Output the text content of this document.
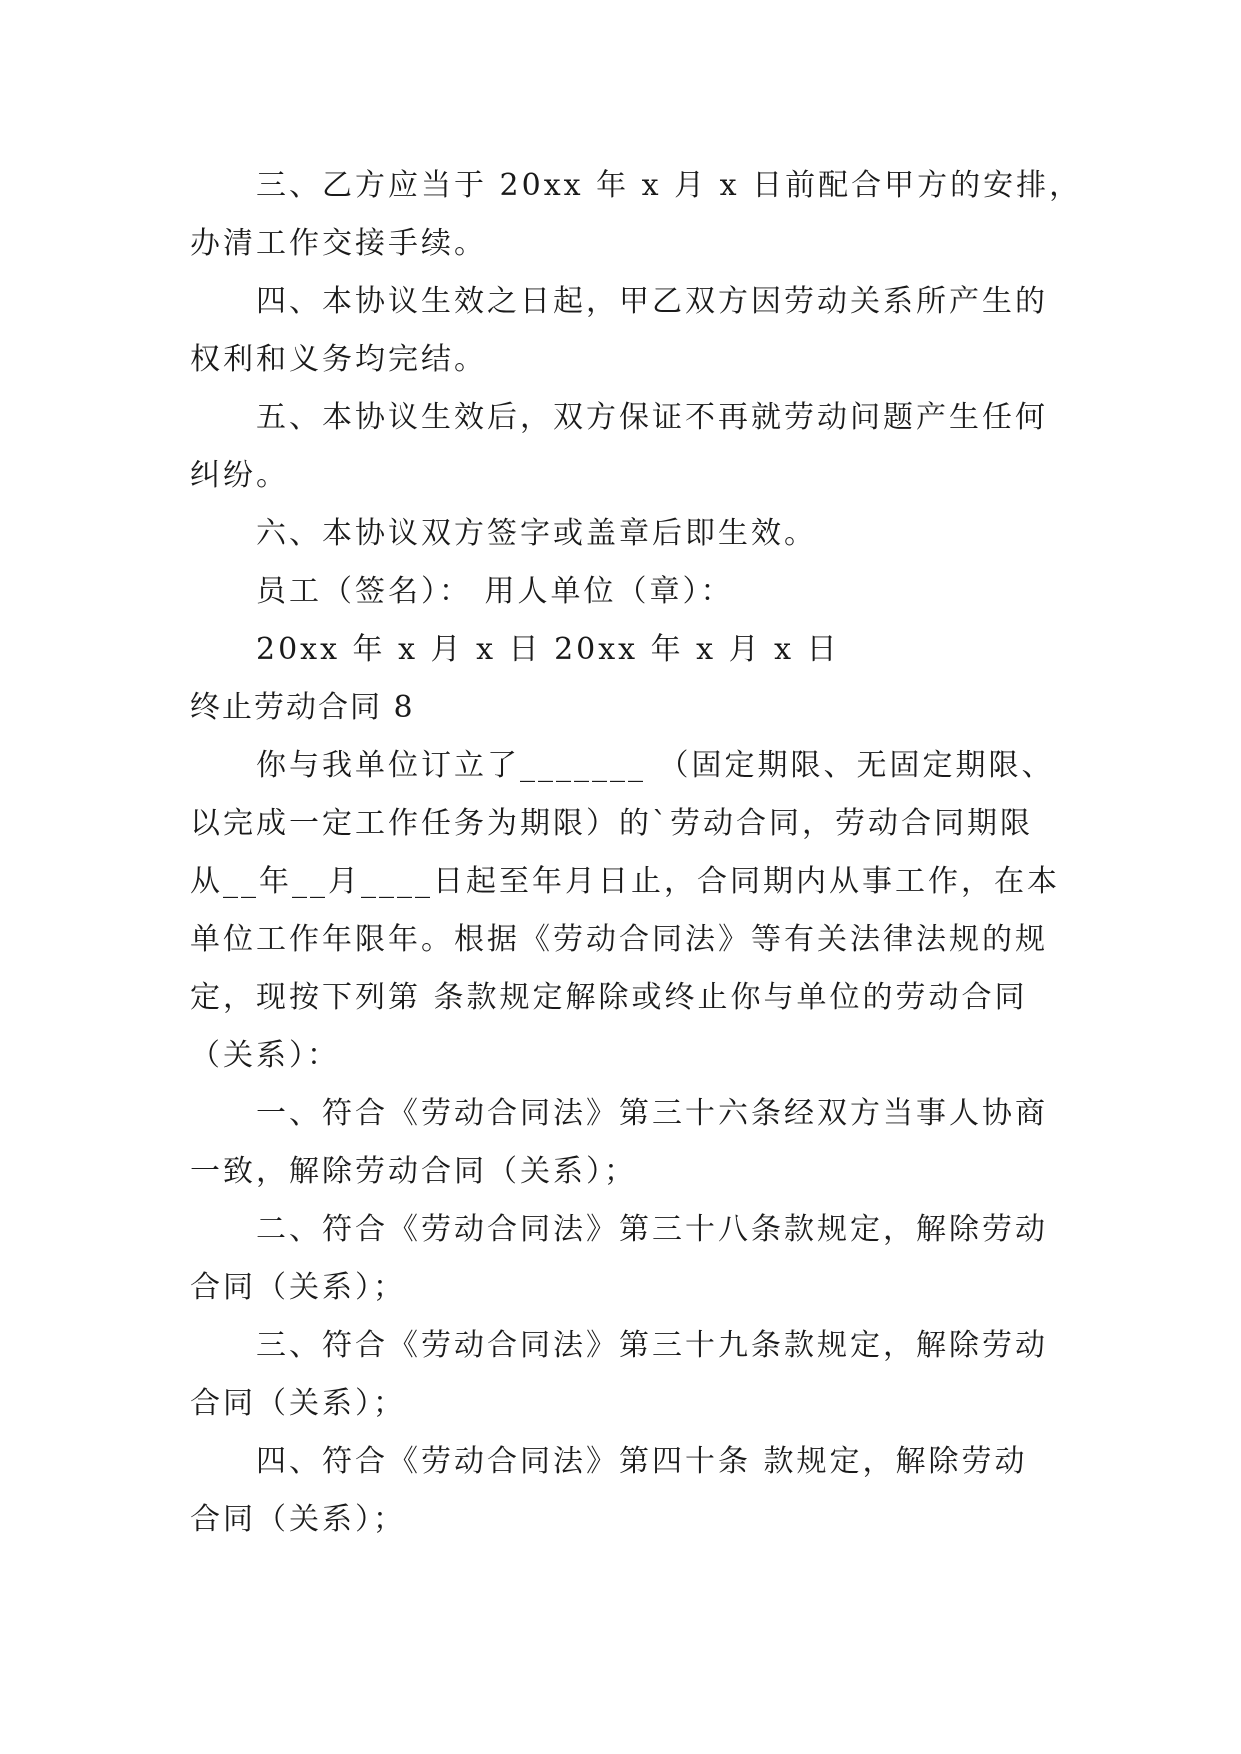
三、乙方应当于 20xx 年 x 月 x 日前配合甲方的安排，
办清工作交接手续。
四、本协议生效之日起，甲乙双方因劳动关系所产生的
权利和义务均完结。
五、本协议生效后，双方保证不再就劳动问题产生任何
纠纷。
六、本协议双方签字或盖章后即生效。
员工（签名）： 用人单位（章）：
20xx 年 x 月 x 日 20xx 年 x 月 x 日
终止劳动合同 8
你与我单位订立了_______ （固定期限、无固定期限、
以完成一定工作任务为期限）的`劳动合同，劳动合同期限
从__年__月____日起至年月日止，合同期内从事工作，在本
单位工作年限年。根据《劳动合同法》等有关法律法规的规
定，现按下列第 条款规定解除或终止你与单位的劳动合同
（关系）：
一、符合《劳动合同法》第三十六条经双方当事人协商
一致，解除劳动合同（关系）；
二、符合《劳动合同法》第三十八条款规定，解除劳动
合同（关系）；
三、符合《劳动合同法》第三十九条款规定，解除劳动
合同（关系）；
四、符合《劳动合同法》第四十条 款规定，解除劳动
合同（关系）；
